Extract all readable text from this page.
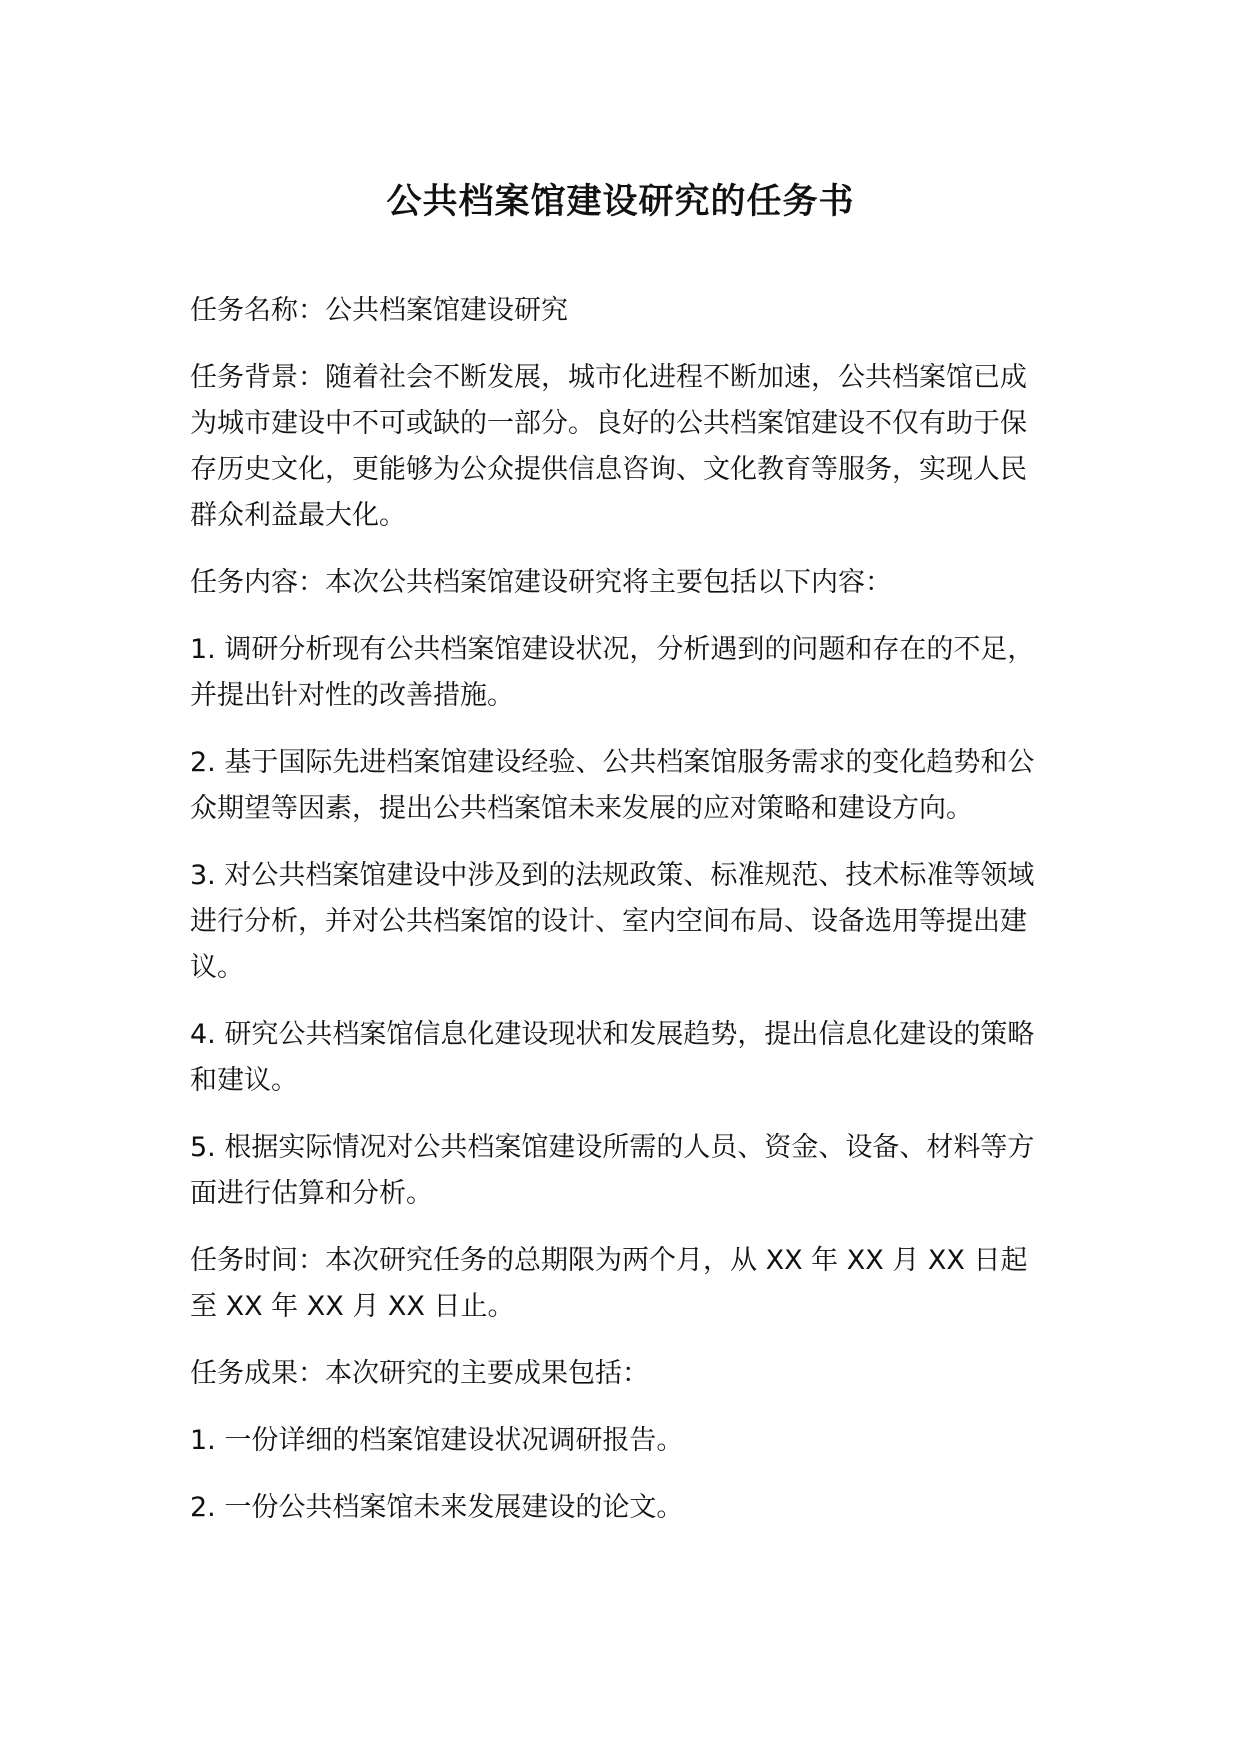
公共档案馆建设研究的任务书

任务名称：公共档案馆建设研究

任务背景：随着社会不断发展，城市化进程不断加速，公共档案馆已成为城市建设中不可或缺的一部分。良好的公共档案馆建设不仅有助于保存历史文化，更能够为公众提供信息咨询、文化教育等服务，实现人民群众利益最大化。

任务内容：本次公共档案馆建设研究将主要包括以下内容：

1. 调研分析现有公共档案馆建设状况，分析遇到的问题和存在的不足，并提出针对性的改善措施。

2. 基于国际先进档案馆建设经验、公共档案馆服务需求的变化趋势和公众期望等因素，提出公共档案馆未来发展的应对策略和建设方向。

3. 对公共档案馆建设中涉及到的法规政策、标准规范、技术标准等领域进行分析，并对公共档案馆的设计、室内空间布局、设备选用等提出建议。

4. 研究公共档案馆信息化建设现状和发展趋势，提出信息化建设的策略和建议。

5. 根据实际情况对公共档案馆建设所需的人员、资金、设备、材料等方面进行估算和分析。

任务时间：本次研究任务的总期限为两个月，从 XX 年 XX 月 XX 日起至 XX 年 XX 月 XX 日止。

任务成果：本次研究的主要成果包括：

1. 一份详细的档案馆建设状况调研报告。

2. 一份公共档案馆未来发展建设的论文。
